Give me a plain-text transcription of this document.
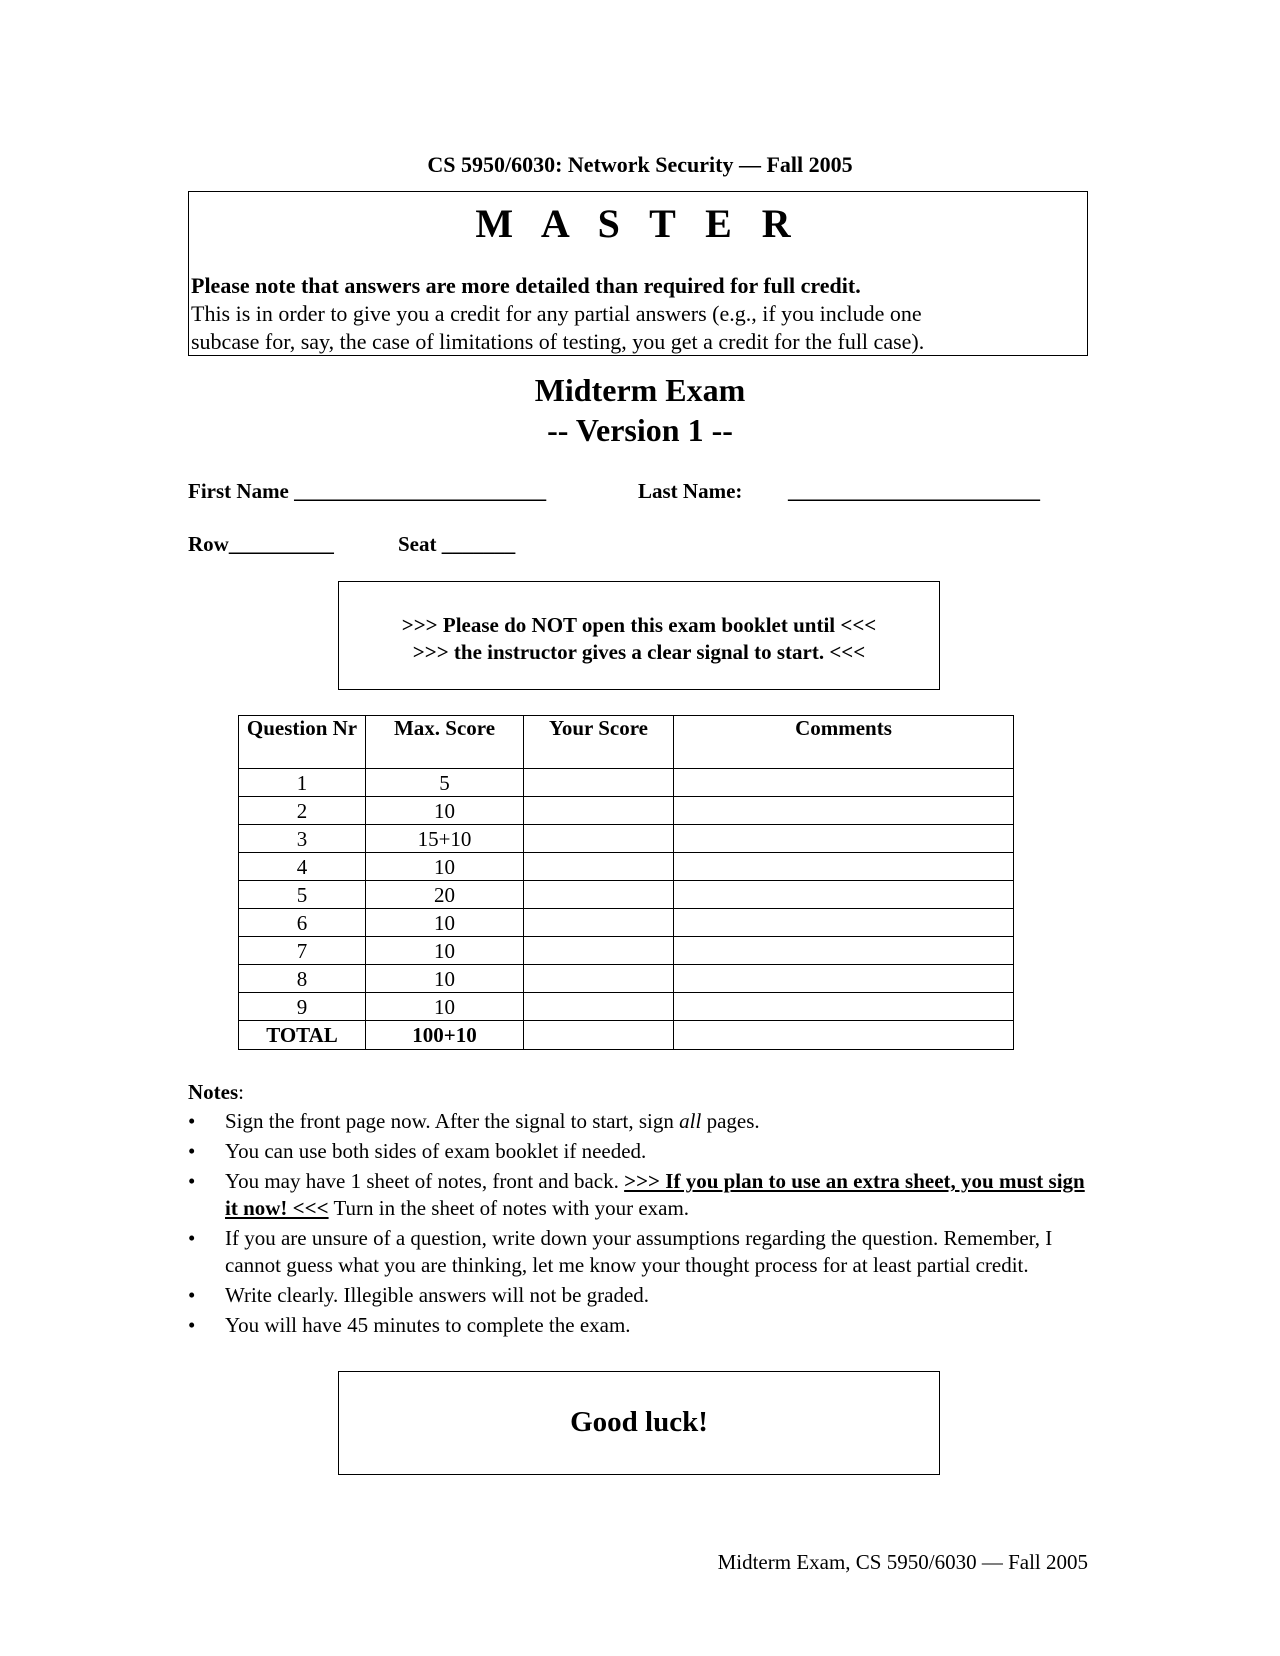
CS 5950/6030: Network Security — Fall 2005
M A S T E R
Please note that answers are more detailed than required for full credit.
This is in order to give you a credit for any partial answers (e.g., if you include one
subcase for, say, the case of limitations of testing, you get a credit for the full case).
Midterm Exam
-- Version 1 --
First Name ________________________	Last Name: ________________________
Row__________	Seat _______
>>> Please do NOT open this exam booklet until <<<
>>> the instructor gives a clear signal to start. <<<
Question Nr	Max. Score	Your Score	Comments
1	5		
2	10		
3	15+10		
4	10		
5	20		
6	10		
7	10		
8	10		
9	10		
TOTAL	100+10		
Notes:
• Sign the front page now. After the signal to start, sign all pages.
• You can use both sides of exam booklet if needed.
• You may have 1 sheet of notes, front and back. >>> If you plan to use an extra sheet, you must sign it now! <<< Turn in the sheet of notes with your exam.
• If you are unsure of a question, write down your assumptions regarding the question. Remember, I cannot guess what you are thinking, let me know your thought process for at least partial credit.
• Write clearly. Illegible answers will not be graded.
• You will have 45 minutes to complete the exam.
Good luck!
Midterm Exam, CS 5950/6030 — Fall 2005
